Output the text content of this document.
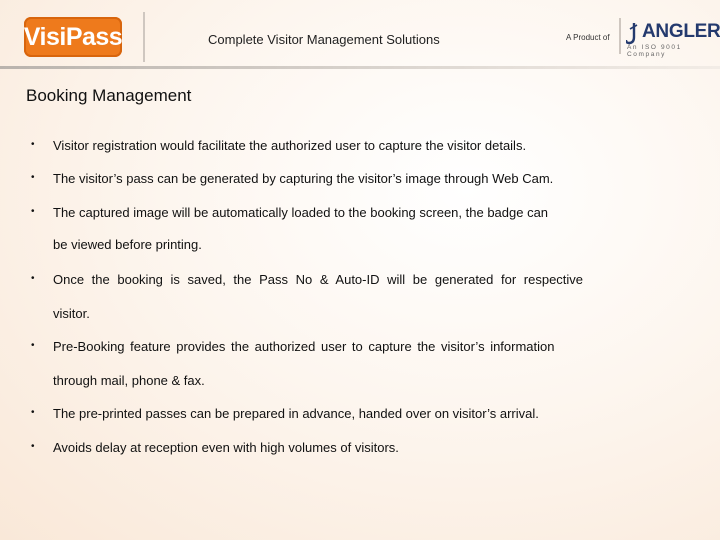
VisiPass	Complete Visitor Management Solutions	A Product of ANGLER
An ISO 9001 Company
Booking Management
• Visitor registration would facilitate the authorized user to capture the visitor details.
• The visitor’s pass can be generated by capturing the visitor’s image through Web Cam.
• The captured image will be automatically loaded to the booking screen, the badge can
be viewed before printing.
• Once the booking is saved, the Pass No & Auto-ID will be generated for respective
visitor.
• Pre-Booking feature provides the authorized user to capture the visitor’s information
through mail, phone & fax.
• The pre-printed passes can be prepared in advance, handed over on visitor’s arrival.
• Avoids delay at reception even with high volumes of visitors.
